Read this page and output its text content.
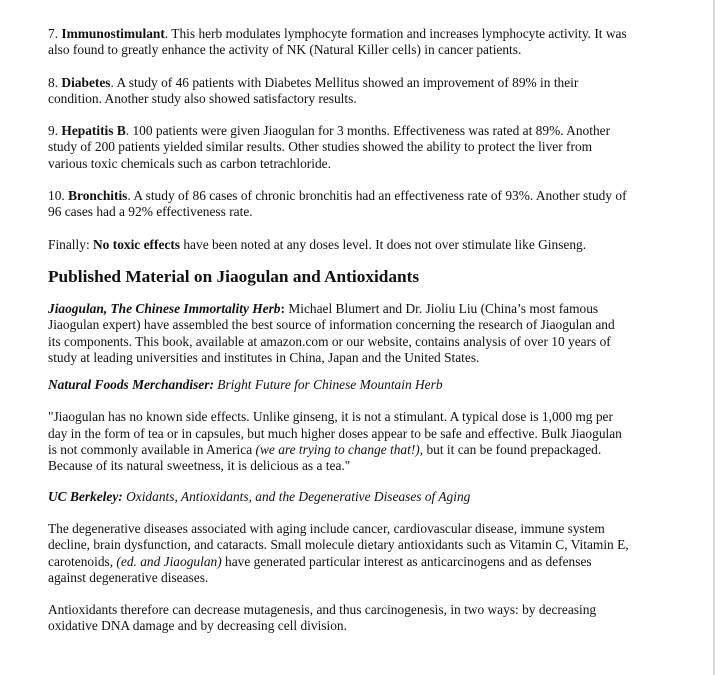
7. Immunostimulant. This herb modulates lymphocyte formation and increases lymphocyte activity. It was also found to greatly enhance the activity of NK (Natural Killer cells) in cancer patients.

8. Diabetes. A study of 46 patients with Diabetes Mellitus showed an improvement of 89% in their condition. Another study also showed satisfactory results.

9. Hepatitis B. 100 patients were given Jiaogulan for 3 months. Effectiveness was rated at 89%. Another study of 200 patients yielded similar results. Other studies showed the ability to protect the liver from various toxic chemicals such as carbon tetrachloride.

10. Bronchitis. A study of 86 cases of chronic bronchitis had an effectiveness rate of 93%. Another study of 96 cases had a 92% effectiveness rate.

Finally: No toxic effects have been noted at any doses level. It does not over stimulate like Ginseng.

Published Material on Jiaogulan and Antioxidants

Jiaogulan, The Chinese Immortality Herb: Michael Blumert and Dr. Jioliu Liu (China’s most famous Jiaogulan expert) have assembled the best source of information concerning the research of Jiaogulan and its components. This book, available at amazon.com or our website, contains analysis of over 10 years of study at leading universities and institutes in China, Japan and the United States.

Natural Foods Merchandiser: Bright Future for Chinese Mountain Herb

"Jiaogulan has no known side effects. Unlike ginseng, it is not a stimulant. A typical dose is 1,000 mg per day in the form of tea or in capsules, but much higher doses appear to be safe and effective. Bulk Jiaogulan is not commonly available in America (we are trying to change that!), but it can be found prepackaged. Because of its natural sweetness, it is delicious as a tea."

UC Berkeley: Oxidants, Antioxidants, and the Degenerative Diseases of Aging

The degenerative diseases associated with aging include cancer, cardiovascular disease, immune system decline, brain dysfunction, and cataracts. Small molecule dietary antioxidants such as Vitamin C, Vitamin E, carotenoids, (ed. and Jiaogulan) have generated particular interest as anticarcinogens and as defenses against degenerative diseases.

Antioxidants therefore can decrease mutagenesis, and thus carcinogenesis, in two ways: by decreasing oxidative DNA damage and by decreasing cell division.
